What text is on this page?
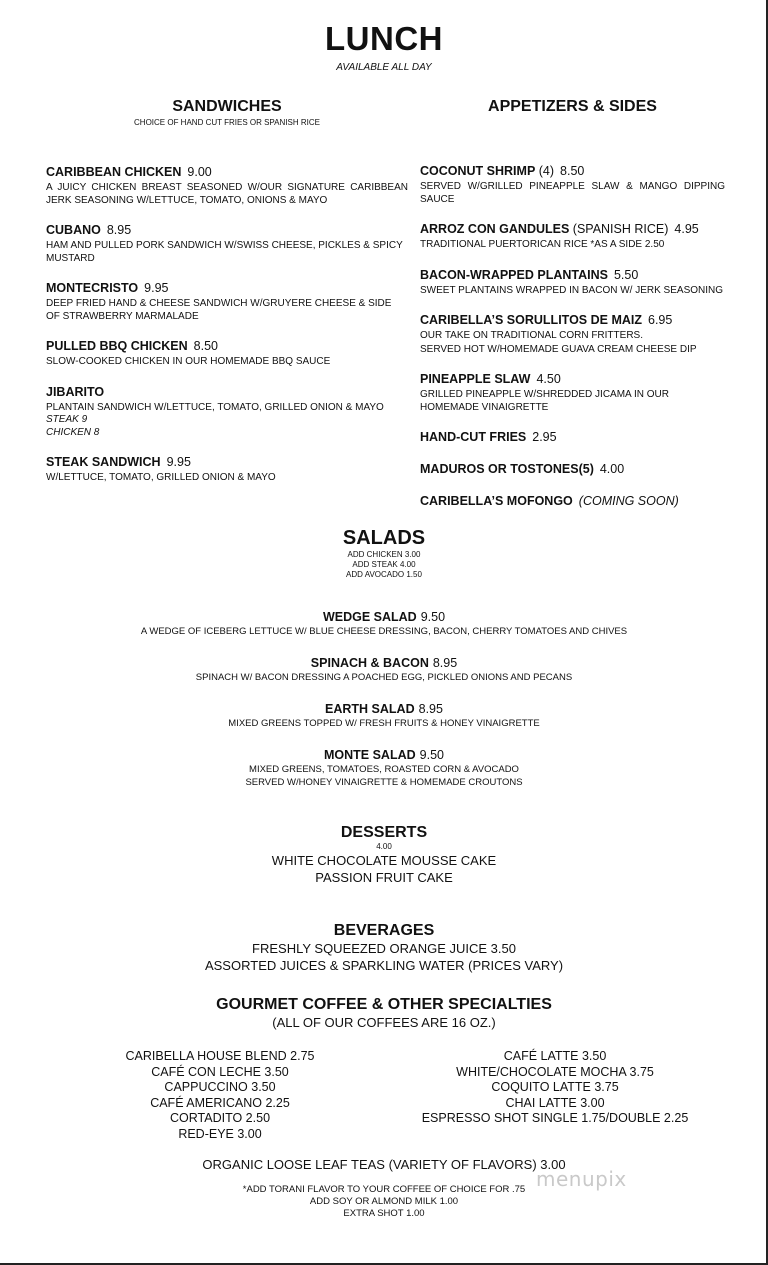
LUNCH
AVAILABLE ALL DAY
SANDWICHES
CHOICE OF HAND CUT FRIES OR SPANISH RICE
CARIBBEAN CHICKEN 9.00
A JUICY CHICKEN BREAST SEASONED W/OUR SIGNATURE CARIBBEAN JERK SEASONING W/LETTUCE, TOMATO, ONIONS & MAYO
CUBANO 8.95
HAM AND PULLED PORK SANDWICH W/SWISS CHEESE, PICKLES & SPICY MUSTARD
MONTECRISTO 9.95
DEEP FRIED HAND & CHEESE SANDWICH W/GRUYERE CHEESE & SIDE OF STRAWBERRY MARMALADE
PULLED BBQ CHICKEN 8.50
SLOW-COOKED CHICKEN IN OUR HOMEMADE BBQ SAUCE
JIBARITO
PLANTAIN SANDWICH W/LETTUCE, TOMATO, GRILLED ONION & MAYO
STEAK 9
CHICKEN 8
STEAK SANDWICH 9.95
W/LETTUCE, TOMATO, GRILLED ONION & MAYO
APPETIZERS & SIDES
COCONUT SHRIMP (4) 8.50
SERVED W/GRILLED PINEAPPLE SLAW & MANGO DIPPING SAUCE
ARROZ CON GANDULES (SPANISH RICE) 4.95
TRADITIONAL PUERTORICAN RICE *AS A SIDE 2.50
BACON-WRAPPED PLANTAINS 5.50
SWEET PLANTAINS WRAPPED IN BACON W/ JERK SEASONING
CARIBELLA’S SORULLITOS DE MAIZ 6.95
OUR TAKE ON TRADITIONAL CORN FRITTERS.
SERVED HOT W/HOMEMADE GUAVA CREAM CHEESE DIP
PINEAPPLE SLAW 4.50
GRILLED PINEAPPLE W/SHREDDED JICAMA IN OUR HOMEMADE VINAIGRETTE
HAND-CUT FRIES 2.95
MADUROS OR TOSTONES(5) 4.00
CARIBELLA’S MOFONGO (COMING SOON)
SALADS
ADD CHICKEN 3.00
ADD STEAK 4.00
ADD AVOCADO 1.50
WEDGE SALAD 9.50
A WEDGE OF ICEBERG LETTUCE W/ BLUE CHEESE DRESSING, BACON, CHERRY TOMATOES AND CHIVES
SPINACH & BACON 8.95
SPINACH W/ BACON DRESSING A POACHED EGG, PICKLED ONIONS AND PECANS
EARTH SALAD 8.95
MIXED GREENS TOPPED W/ FRESH FRUITS & HONEY VINAIGRETTE
MONTE SALAD 9.50
MIXED GREENS, TOMATOES, ROASTED CORN & AVOCADO
SERVED W/HONEY VINAIGRETTE & HOMEMADE CROUTONS
DESSERTS
4.00
WHITE CHOCOLATE MOUSSE CAKE
PASSION FRUIT CAKE
BEVERAGES
FRESHLY SQUEEZED ORANGE JUICE 3.50
ASSORTED JUICES & SPARKLING WATER (PRICES VARY)
GOURMET COFFEE & OTHER SPECIALTIES
(ALL OF OUR COFFEES ARE 16 OZ.)
CARIBELLA HOUSE BLEND 2.75
CAFÉ CON LECHE 3.50
CAPPUCCINO 3.50
CAFÉ AMERICANO 2.25
CORTADITO 2.50
RED-EYE 3.00
CAFÉ LATTE 3.50
WHITE/CHOCOLATE MOCHA 3.75
COQUITO LATTE 3.75
CHAI LATTE 3.00
ESPRESSO SHOT SINGLE 1.75/DOUBLE 2.25
ORGANIC LOOSE LEAF TEAS (VARIETY OF FLAVORS) 3.00
*ADD TORANI FLAVOR TO YOUR COFFEE OF CHOICE FOR .75
ADD SOY OR ALMOND MILK 1.00
EXTRA SHOT 1.00
menupix
